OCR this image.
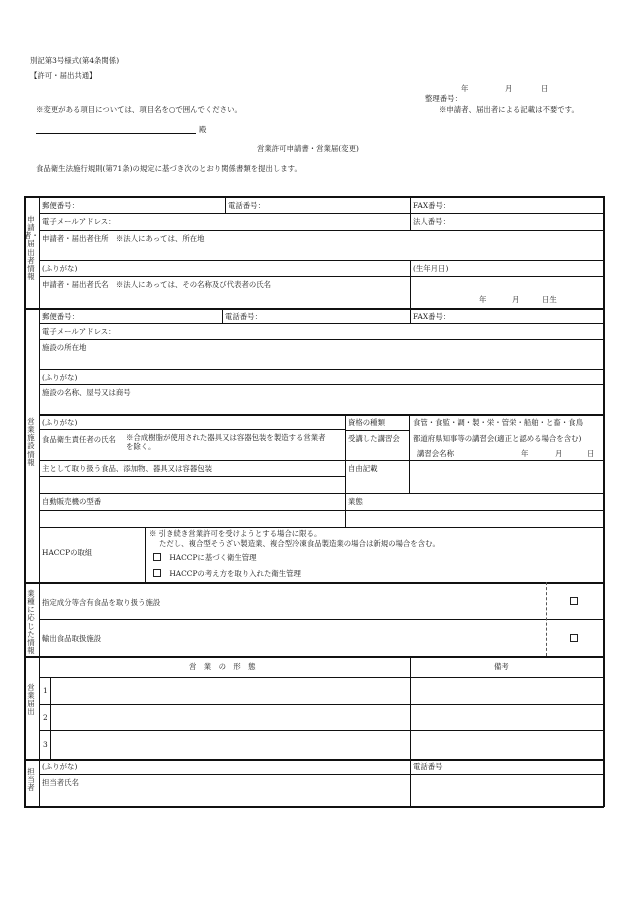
別記第3号様式(第4条関係)
【許可・届出共通】
年	月	日
整理番号：
※変更がある項目については、項目名を○で囲んでください。	※申請者、届出者による記載は不要です。
殿
営業許可申請書・営業届(変更)
食品衛生法施行規則(第71条)の規定に基づき次のとおり関係書類を提出します。
申請者・届出者情報
郵便番号：	電話番号：	FAX番号：
電子メールアドレス：	法人番号：
申請者・届出者住所　※法人にあっては、所在地
(ふりがな)	(生年月日)
申請者・届出者氏名　※法人にあっては、その名称及び代表者の氏名
年	月	日生
営業施設情報
郵便番号：	電話番号：	FAX番号：
電子メールアドレス：
施設の所在地
(ふりがな)
施設の名称、屋号又は商号
(ふりがな)
食品衛生責任者の氏名 ※合成樹脂が使用された器具又は容器包装を製造する営業者
を除く。
資格の種類	食管・食監・調・製・栄・管栄・船舶・と畜・食鳥
受講した講習会 都道府県知事等の講習会(適正と認める場合を含む)
講習会名称	年	月	日
主として取り扱う食品、添加物、器具又は容器包装	自由記載
自動販売機の型番	業態
HACCPの取組
※ 引き続き営業許可を受けようとする場合に限る。
ただし、複合型そうざい製造業、複合型冷凍食品製造業の場合は新規の場合を含む。
HACCPに基づく衛生管理
HACCPの考え方を取り入れた衛生管理
業種に応じた情報
指定成分等含有食品を取り扱う施設
輸出食品取扱施設
営業届出
営　業　の　形　態	備考
1
2
3
担当者
(ふりがな)	電話番号
担当者氏名
